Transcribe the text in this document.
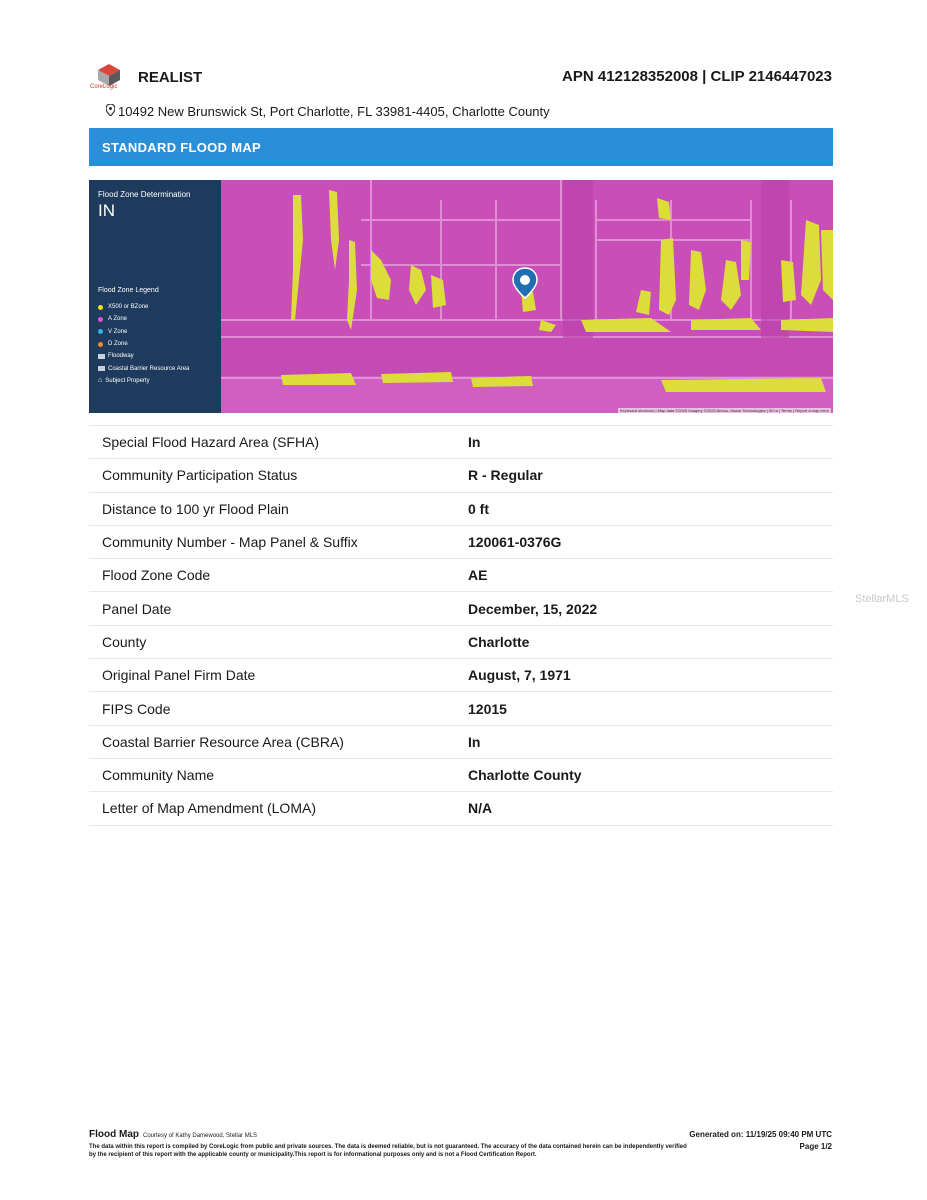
CoreLogic
REALIST	APN 412128352008 | CLIP 2146447023
10492 New Brunswick St, Port Charlotte, FL 33981-4405, Charlotte County
STANDARD FLOOD MAP
Flood Zone Determination
IN
Flood Zone Legend
X500 or BZone
A Zone
V Zone
D Zone
Floodway
Coastal Barrier Resource Area
⌂ Subject Property
Keyboard shortcuts | Map data ©2025 Imagery ©2025 Airbus, Maxar Technologies | 50 m | Terms | Report a map error
Special Flood Hazard Area (SFHA)	In
Community Participation Status	R - Regular
Distance to 100 yr Flood Plain	0 ft
Community Number - Map Panel & Suffix	120061-0376G
Flood Zone Code	AE
Panel Date	December, 15, 2022
County	Charlotte
Original Panel Firm Date	August, 7, 1971
FIPS Code	12015
Coastal Barrier Resource Area (CBRA)	In
Community Name	Charlotte County
Letter of Map Amendment (LOMA)	N/A
StellarMLS
Flood Map Courtesy of Kathy Damewood, Stellar MLS
The data within this report is compiled by CoreLogic from public and private sources. The data is deemed reliable, but is not guaranteed. The accuracy of the data contained herein can be independently verified by the recipient of this report with the applicable county or municipality.This report is for informational purposes only and is not a Flood Certification Report.
Generated on: 11/19/25 09:40 PM UTC
Page 1/2
